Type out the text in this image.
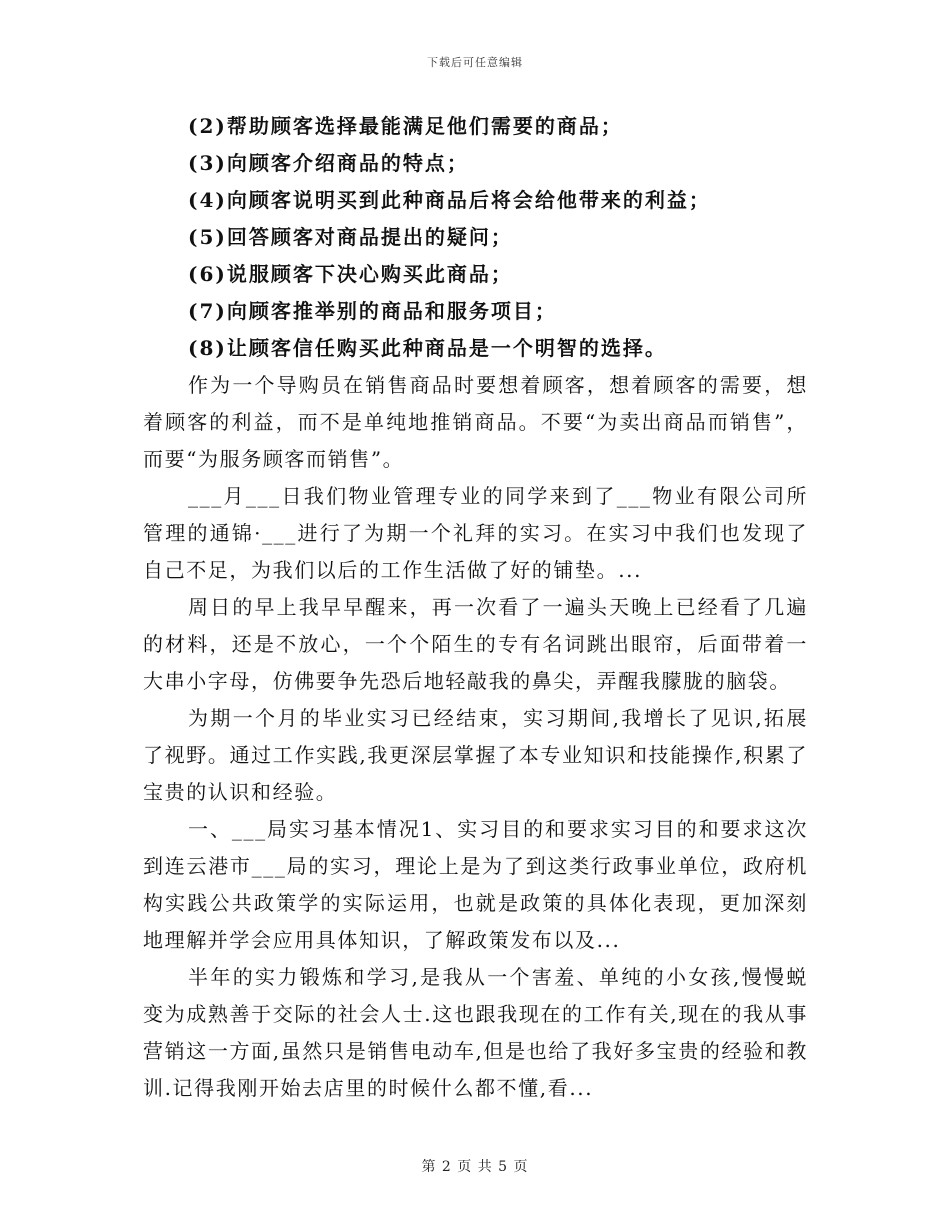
下载后可任意编辑
(2)帮助顾客选择最能满足他们需要的商品；
(3)向顾客介绍商品的特点；
(4)向顾客说明买到此种商品后将会给他带来的利益；
(5)回答顾客对商品提出的疑问；
(6)说服顾客下决心购买此商品；
(7)向顾客推举别的商品和服务项目；
(8)让顾客信任购买此种商品是一个明智的选择。

作为一个导购员在销售商品时要想着顾客，想着顾客的需要，想着顾客的利益，而不是单纯地推销商品。不要“为卖出商品而销售”，而要“为服务顾客而销售”。

___月___日我们物业管理专业的同学来到了___物业有限公司所管理的通锦·___进行了为期一个礼拜的实习。在实习中我们也发现了自己不足，为我们以后的工作生活做了好的铺垫。...

周日的早上我早早醒来，再一次看了一遍头天晚上已经看了几遍的材料，还是不放心，一个个陌生的专有名词跳出眼帘，后面带着一大串小字母，仿佛要争先恐后地轻敲我的鼻尖，弄醒我朦胧的脑袋。

为期一个月的毕业实习已经结束，实习期间,我增长了见识,拓展了视野。通过工作实践,我更深层掌握了本专业知识和技能操作,积累了宝贵的认识和经验。

一、___局实习基本情况1、实习目的和要求实习目的和要求这次到连云港市___局的实习，理论上是为了到这类行政事业单位，政府机构实践公共政策学的实际运用，也就是政策的具体化表现，更加深刻地理解并学会应用具体知识，了解政策发布以及...

半年的实力锻炼和学习,是我从一个害羞、单纯的小女孩,慢慢蜕变为成熟善于交际的社会人士.这也跟我现在的工作有关,现在的我从事营销这一方面,虽然只是销售电动车,但是也给了我好多宝贵的经验和教训.记得我刚开始去店里的时候什么都不懂,看...

第 2 页 共 5 页
